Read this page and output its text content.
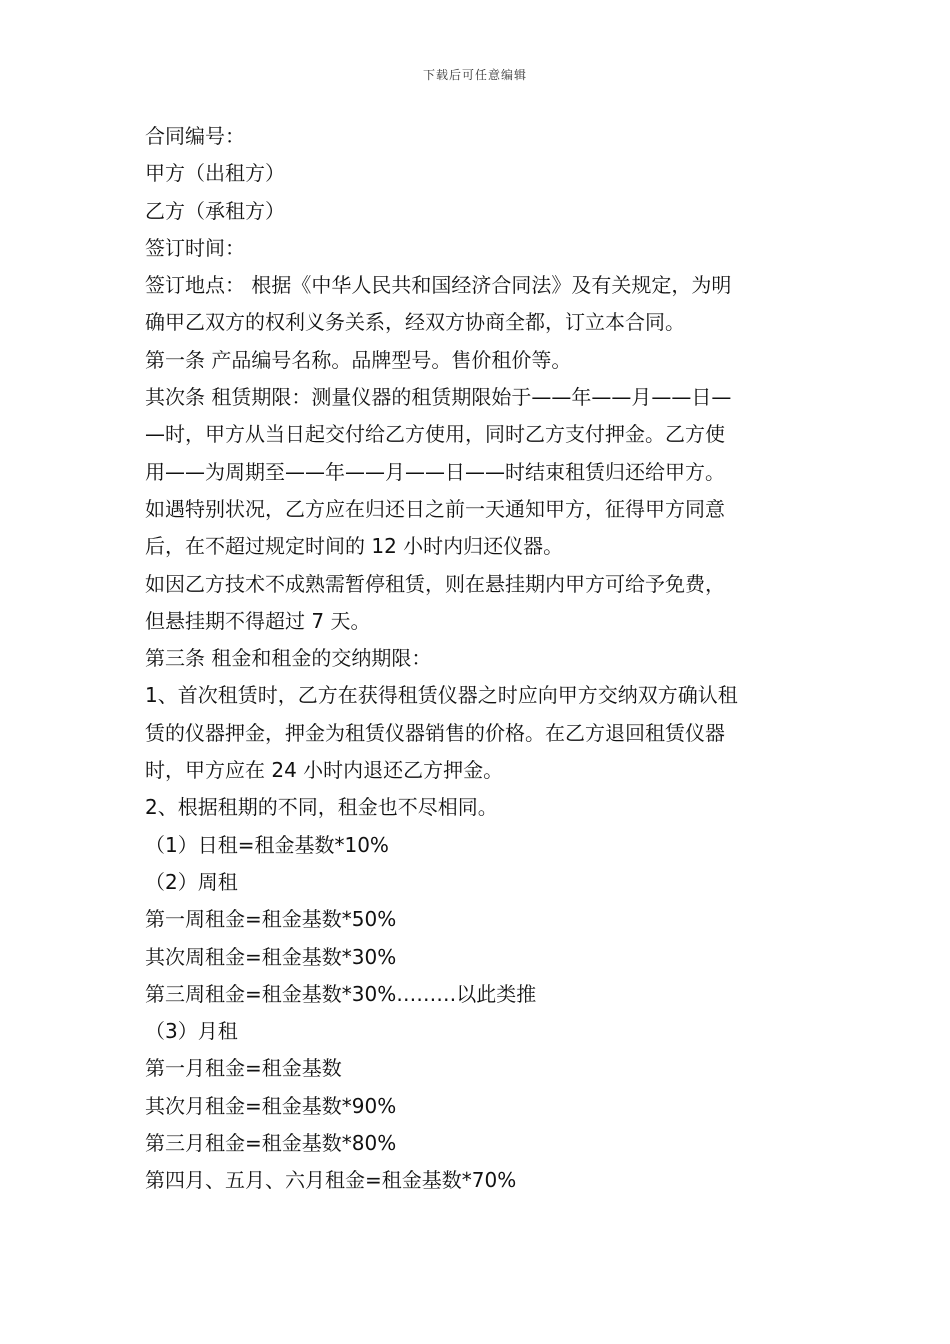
下载后可任意编辑
合同编号：
甲方（出租方）
乙方（承租方）
签订时间：
签订地点： 根据《中华人民共和国经济合同法》及有关规定，为明
确甲乙双方的权利义务关系，经双方协商全都，订立本合同。
第一条 产品编号名称。品牌型号。售价租价等。
其次条 租赁期限：测量仪器的租赁期限始于——年——月——日—
—时，甲方从当日起交付给乙方使用，同时乙方支付押金。乙方使
用——为周期至——年——月——日——时结束租赁归还给甲方。
如遇特别状况，乙方应在归还日之前一天通知甲方，征得甲方同意
后，在不超过规定时间的 12 小时内归还仪器。
如因乙方技术不成熟需暂停租赁，则在悬挂期内甲方可给予免费，
但悬挂期不得超过 7 天。
第三条 租金和租金的交纳期限：
1、首次租赁时，乙方在获得租赁仪器之时应向甲方交纳双方确认租
赁的仪器押金，押金为租赁仪器销售的价格。在乙方退回租赁仪器
时，甲方应在 24 小时内退还乙方押金。
2、根据租期的不同，租金也不尽相同。
（1）日租=租金基数*10%
（2）周租
第一周租金=租金基数*50%
其次周租金=租金基数*30%
第三周租金=租金基数*30%………以此类推
（3）月租
第一月租金=租金基数
其次月租金=租金基数*90%
第三月租金=租金基数*80%
第四月、五月、六月租金=租金基数*70%
